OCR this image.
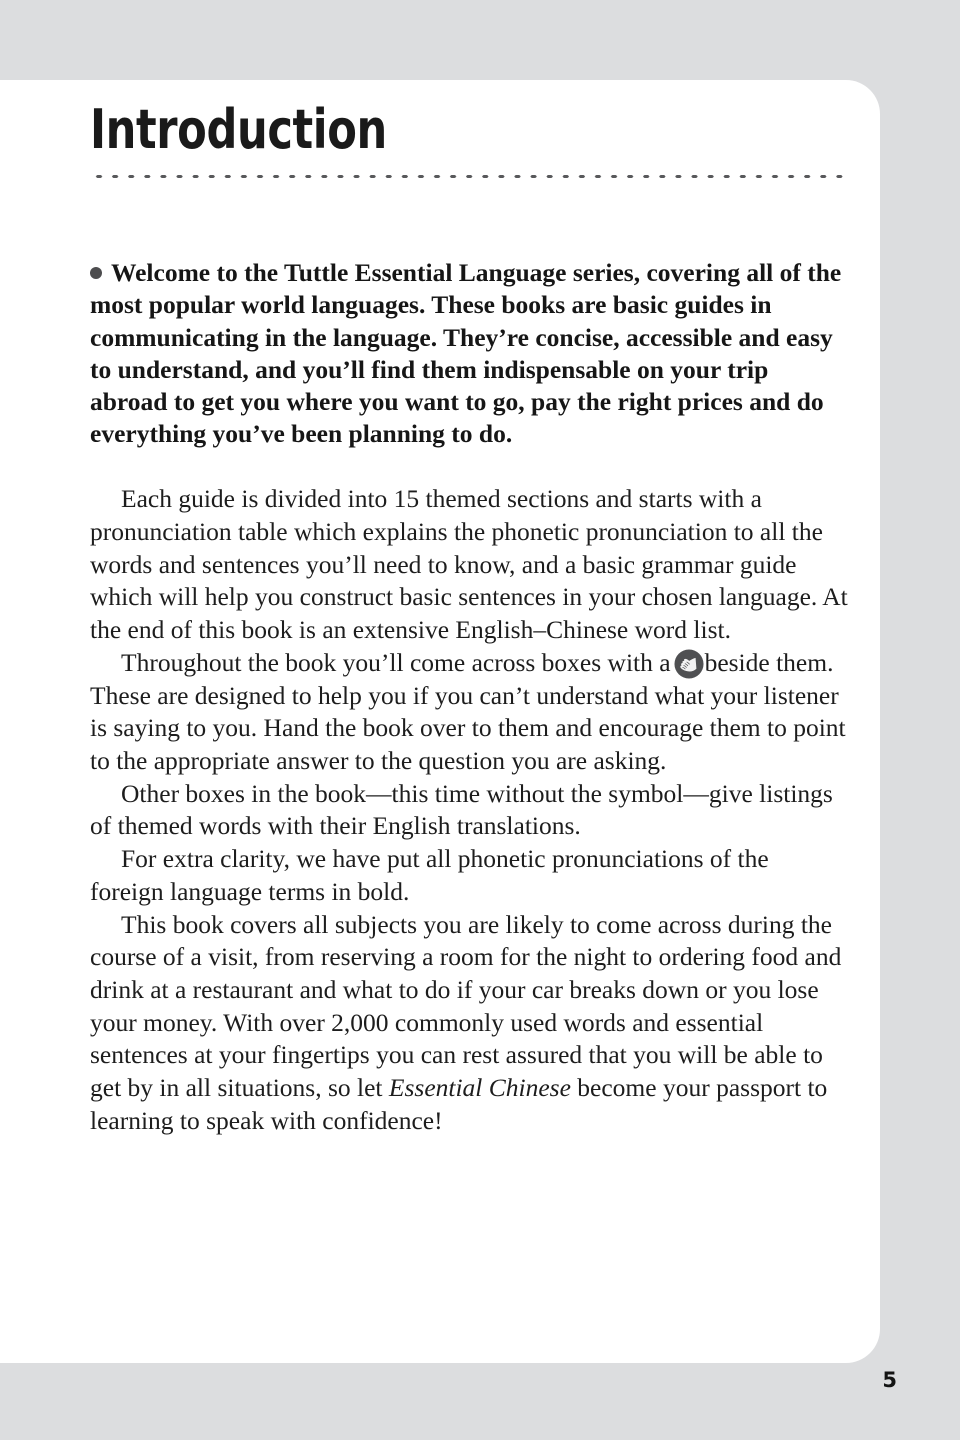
Introduction

Welcome to the Tuttle Essential Language series, covering all of the most popular world languages. These books are basic guides in communicating in the language. They’re concise, accessible and easy to understand, and you’ll find them indispensable on your trip abroad to get you where you want to go, pay the right prices and do everything you’ve been planning to do.

Each guide is divided into 15 themed sections and starts with a pronunciation table which explains the phonetic pronunciation to all the words and sentences you’ll need to know, and a basic grammar guide which will help you construct basic sentences in your chosen language. At the end of this book is an extensive English–Chinese word list.

Throughout the book you’ll come across boxes with a beside them. These are designed to help you if you can’t understand what your listener is saying to you. Hand the book over to them and encourage them to point to the appropriate answer to the question you are asking.

Other boxes in the book—this time without the symbol—give listings of themed words with their English translations.

For extra clarity, we have put all phonetic pronunciations of the foreign language terms in bold.

This book covers all subjects you are likely to come across during the course of a visit, from reserving a room for the night to ordering food and drink at a restaurant and what to do if your car breaks down or you lose your money. With over 2,000 commonly used words and essential sentences at your fingertips you can rest assured that you will be able to get by in all situations, so let Essential Chinese become your passport to learning to speak with confidence!

5
